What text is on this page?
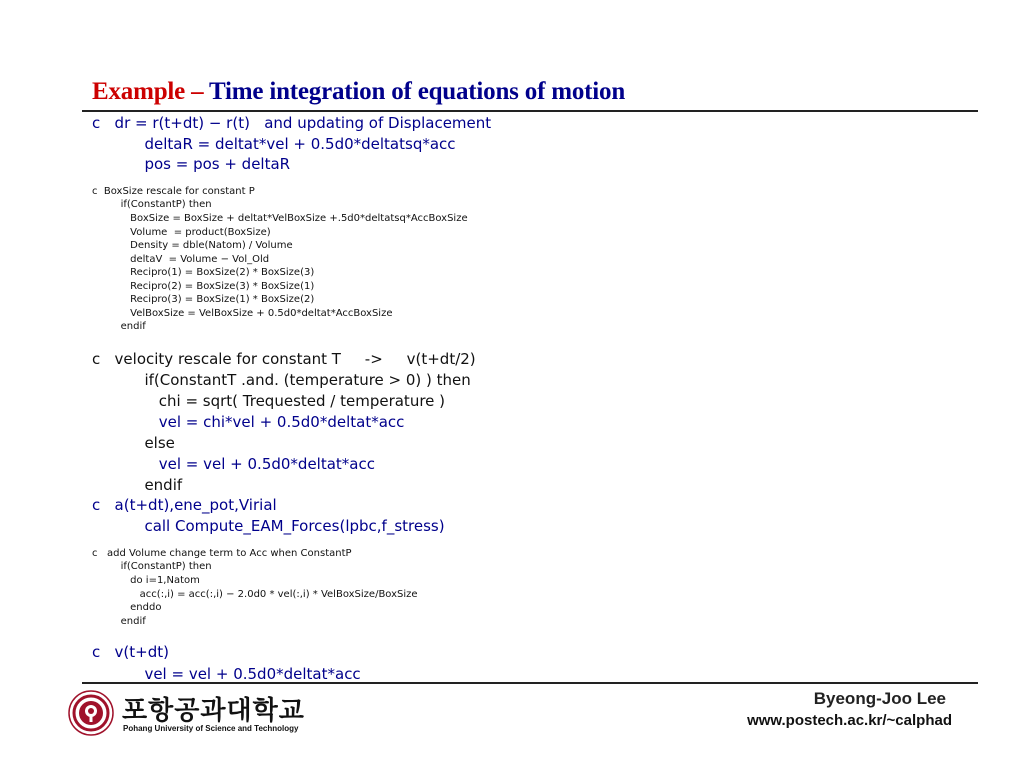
Example – Time integration of equations of motion
c   dr = r(t+dt) − r(t)   and updating of Displacement
deltaR = deltat*vel + 0.5d0*deltatsq*acc
pos = pos + deltaR
c  BoxSize rescale for constant P
if(ConstantP) then
BoxSize = BoxSize + deltat*VelBoxSize +.5d0*deltatsq*AccBoxSize
Volume  = product(BoxSize)
Density = dble(Natom) / Volume
deltaV  = Volume − Vol_Old
Recipro(1) = BoxSize(2) * BoxSize(3)
Recipro(2) = BoxSize(3) * BoxSize(1)
Recipro(3) = BoxSize(1) * BoxSize(2)
VelBoxSize = VelBoxSize + 0.5d0*deltat*AccBoxSize
endif
c   velocity rescale for constant T     ->     v(t+dt/2)
if(ConstantT .and. (temperature > 0) ) then
chi = sqrt( Trequested / temperature )
vel = chi*vel + 0.5d0*deltat*acc
else
vel = vel + 0.5d0*deltat*acc
endif
c   a(t+dt),ene_pot,Virial
call Compute_EAM_Forces(lpbc,f_stress)
c   add Volume change term to Acc when ConstantP
if(ConstantP) then
do i=1,Natom
acc(:,i) = acc(:,i) − 2.0d0 * vel(:,i) * VelBoxSize/BoxSize
enddo
endif
c   v(t+dt)
vel = vel + 0.5d0*deltat*acc
포항공과대학교
Pohang University of Science and Technology
Byeong-Joo Lee
www.postech.ac.kr/~calphad
